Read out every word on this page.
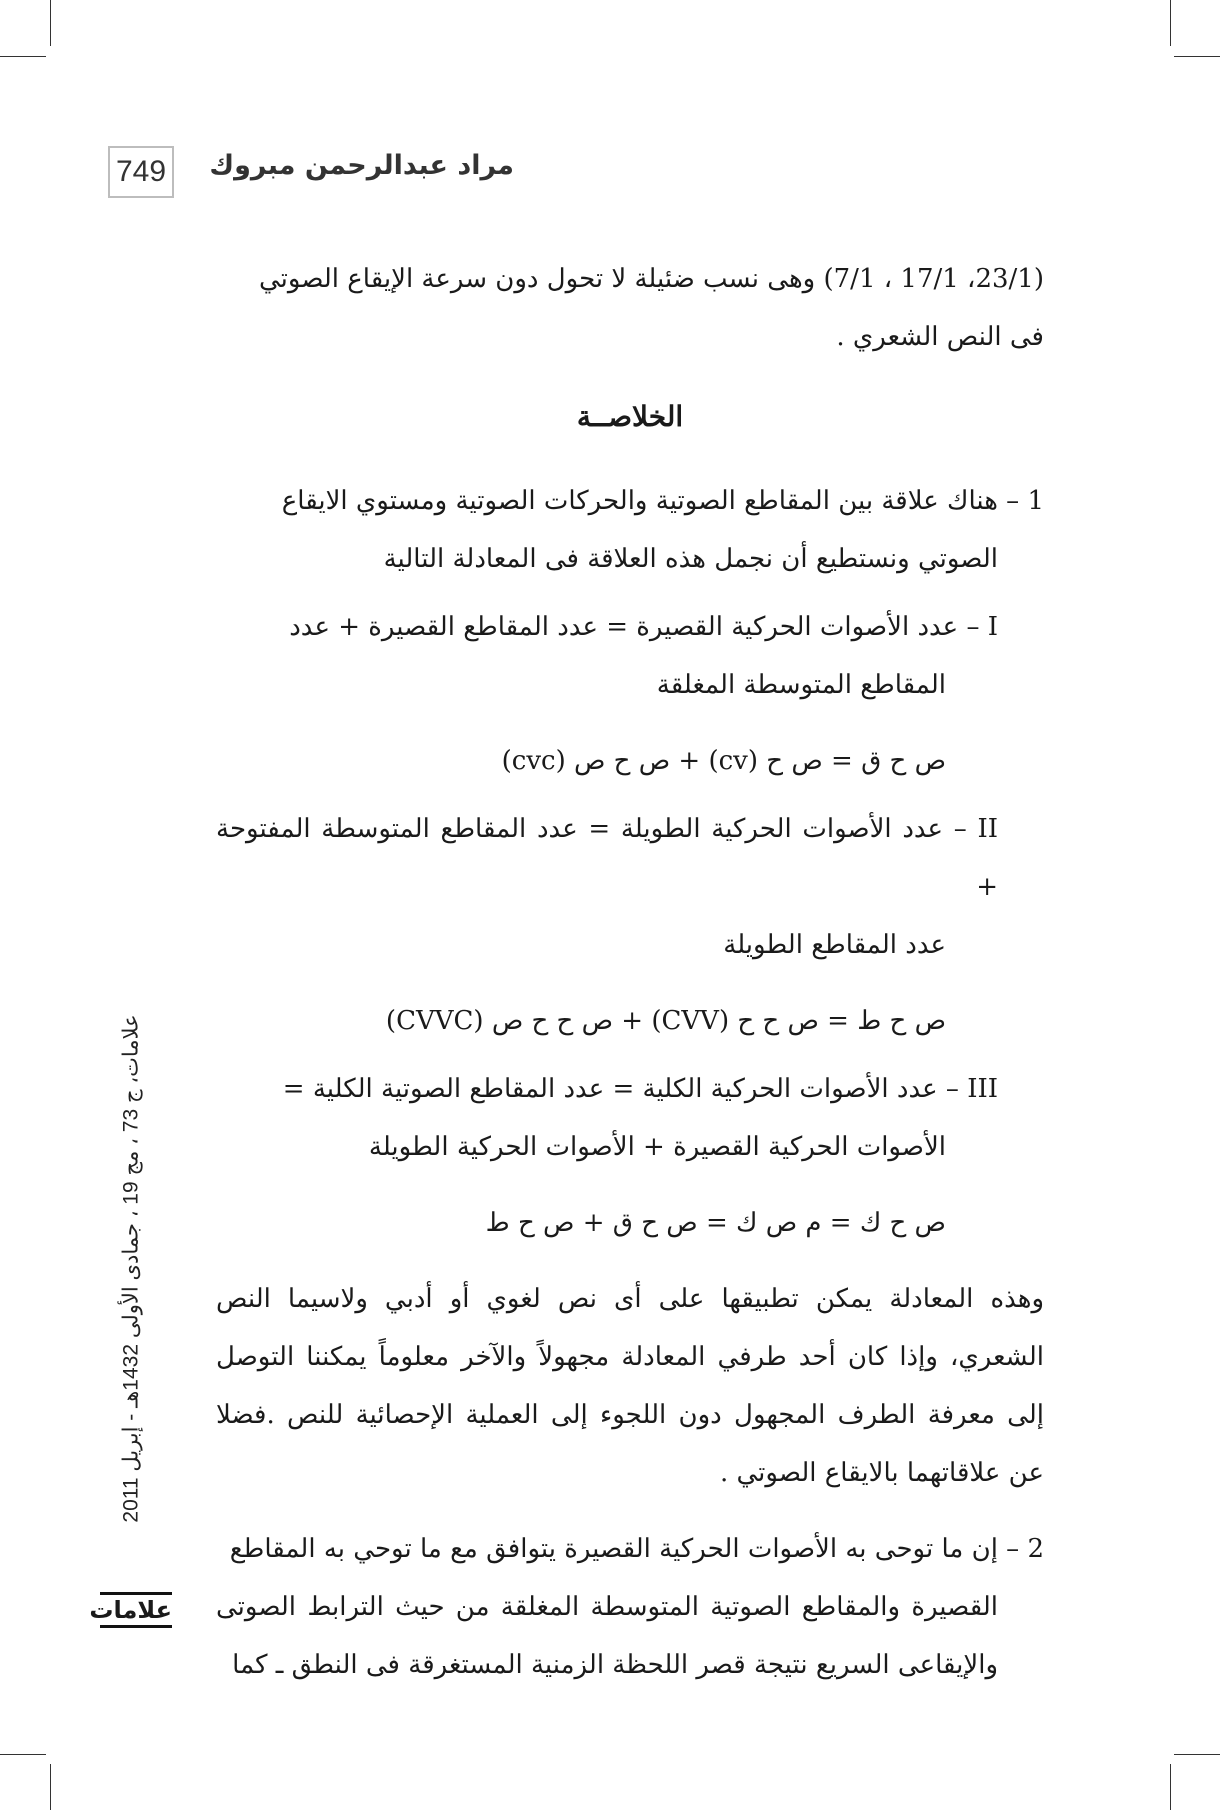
749 مراد عبدالرحمن مبروك

(23/1، 17/1 ، 7/1) وهى نسب ضئيلة لا تحول دون سرعة الإيقاع الصوتي

فى النص الشعري .

الخلاصــة

1 – هناك علاقة بين المقاطع الصوتية والحركات الصوتية ومستوي الايقاع

الصوتي ونستطيع أن نجمل هذه العلاقة فى المعادلة التالية

I – عدد الأصوات الحركية القصيرة = عدد المقاطع القصيرة + عدد

المقاطع المتوسطة المغلقة

ص ح ق = ص ح (cv) + ص ح ص (cvc)

II – عدد الأصوات الحركية الطويلة = عدد المقاطع المتوسطة المفتوحة +

عدد المقاطع الطويلة

ص ح ط = ص ح ح (CVV) + ص ح ح ص (CVVC)

III – عدد الأصوات الحركية الكلية = عدد المقاطع الصوتية الكلية =

الأصوات الحركية القصيرة + الأصوات الحركية الطويلة

ص ح ك = م ص ك = ص ح ق + ص ح ط

وهذه المعادلة يمكن تطبيقها على أى نص لغوي أو أدبي ولاسيما النص الشعري، وإذا كان أحد طرفي المعادلة مجهولاً والآخر معلوماً يمكننا التوصل إلى معرفة الطرف المجهول دون اللجوء إلى العملية الإحصائية للنص .فضلا عن علاقاتهما بالايقاع الصوتي .

2 – إن ما توحى به الأصوات الحركية القصيرة يتوافق مع ما توحي به المقاطع

القصيرة والمقاطع الصوتية المتوسطة المغلقة من حيث الترابط الصوتى والإيقاعى السريع نتيجة قصر اللحظة الزمنية المستغرقة فى النطق ـ كما

علامات، ج 73 ، مج 19 ، جمادى الأولى 1432هـ - إبريل 2011
علامات
